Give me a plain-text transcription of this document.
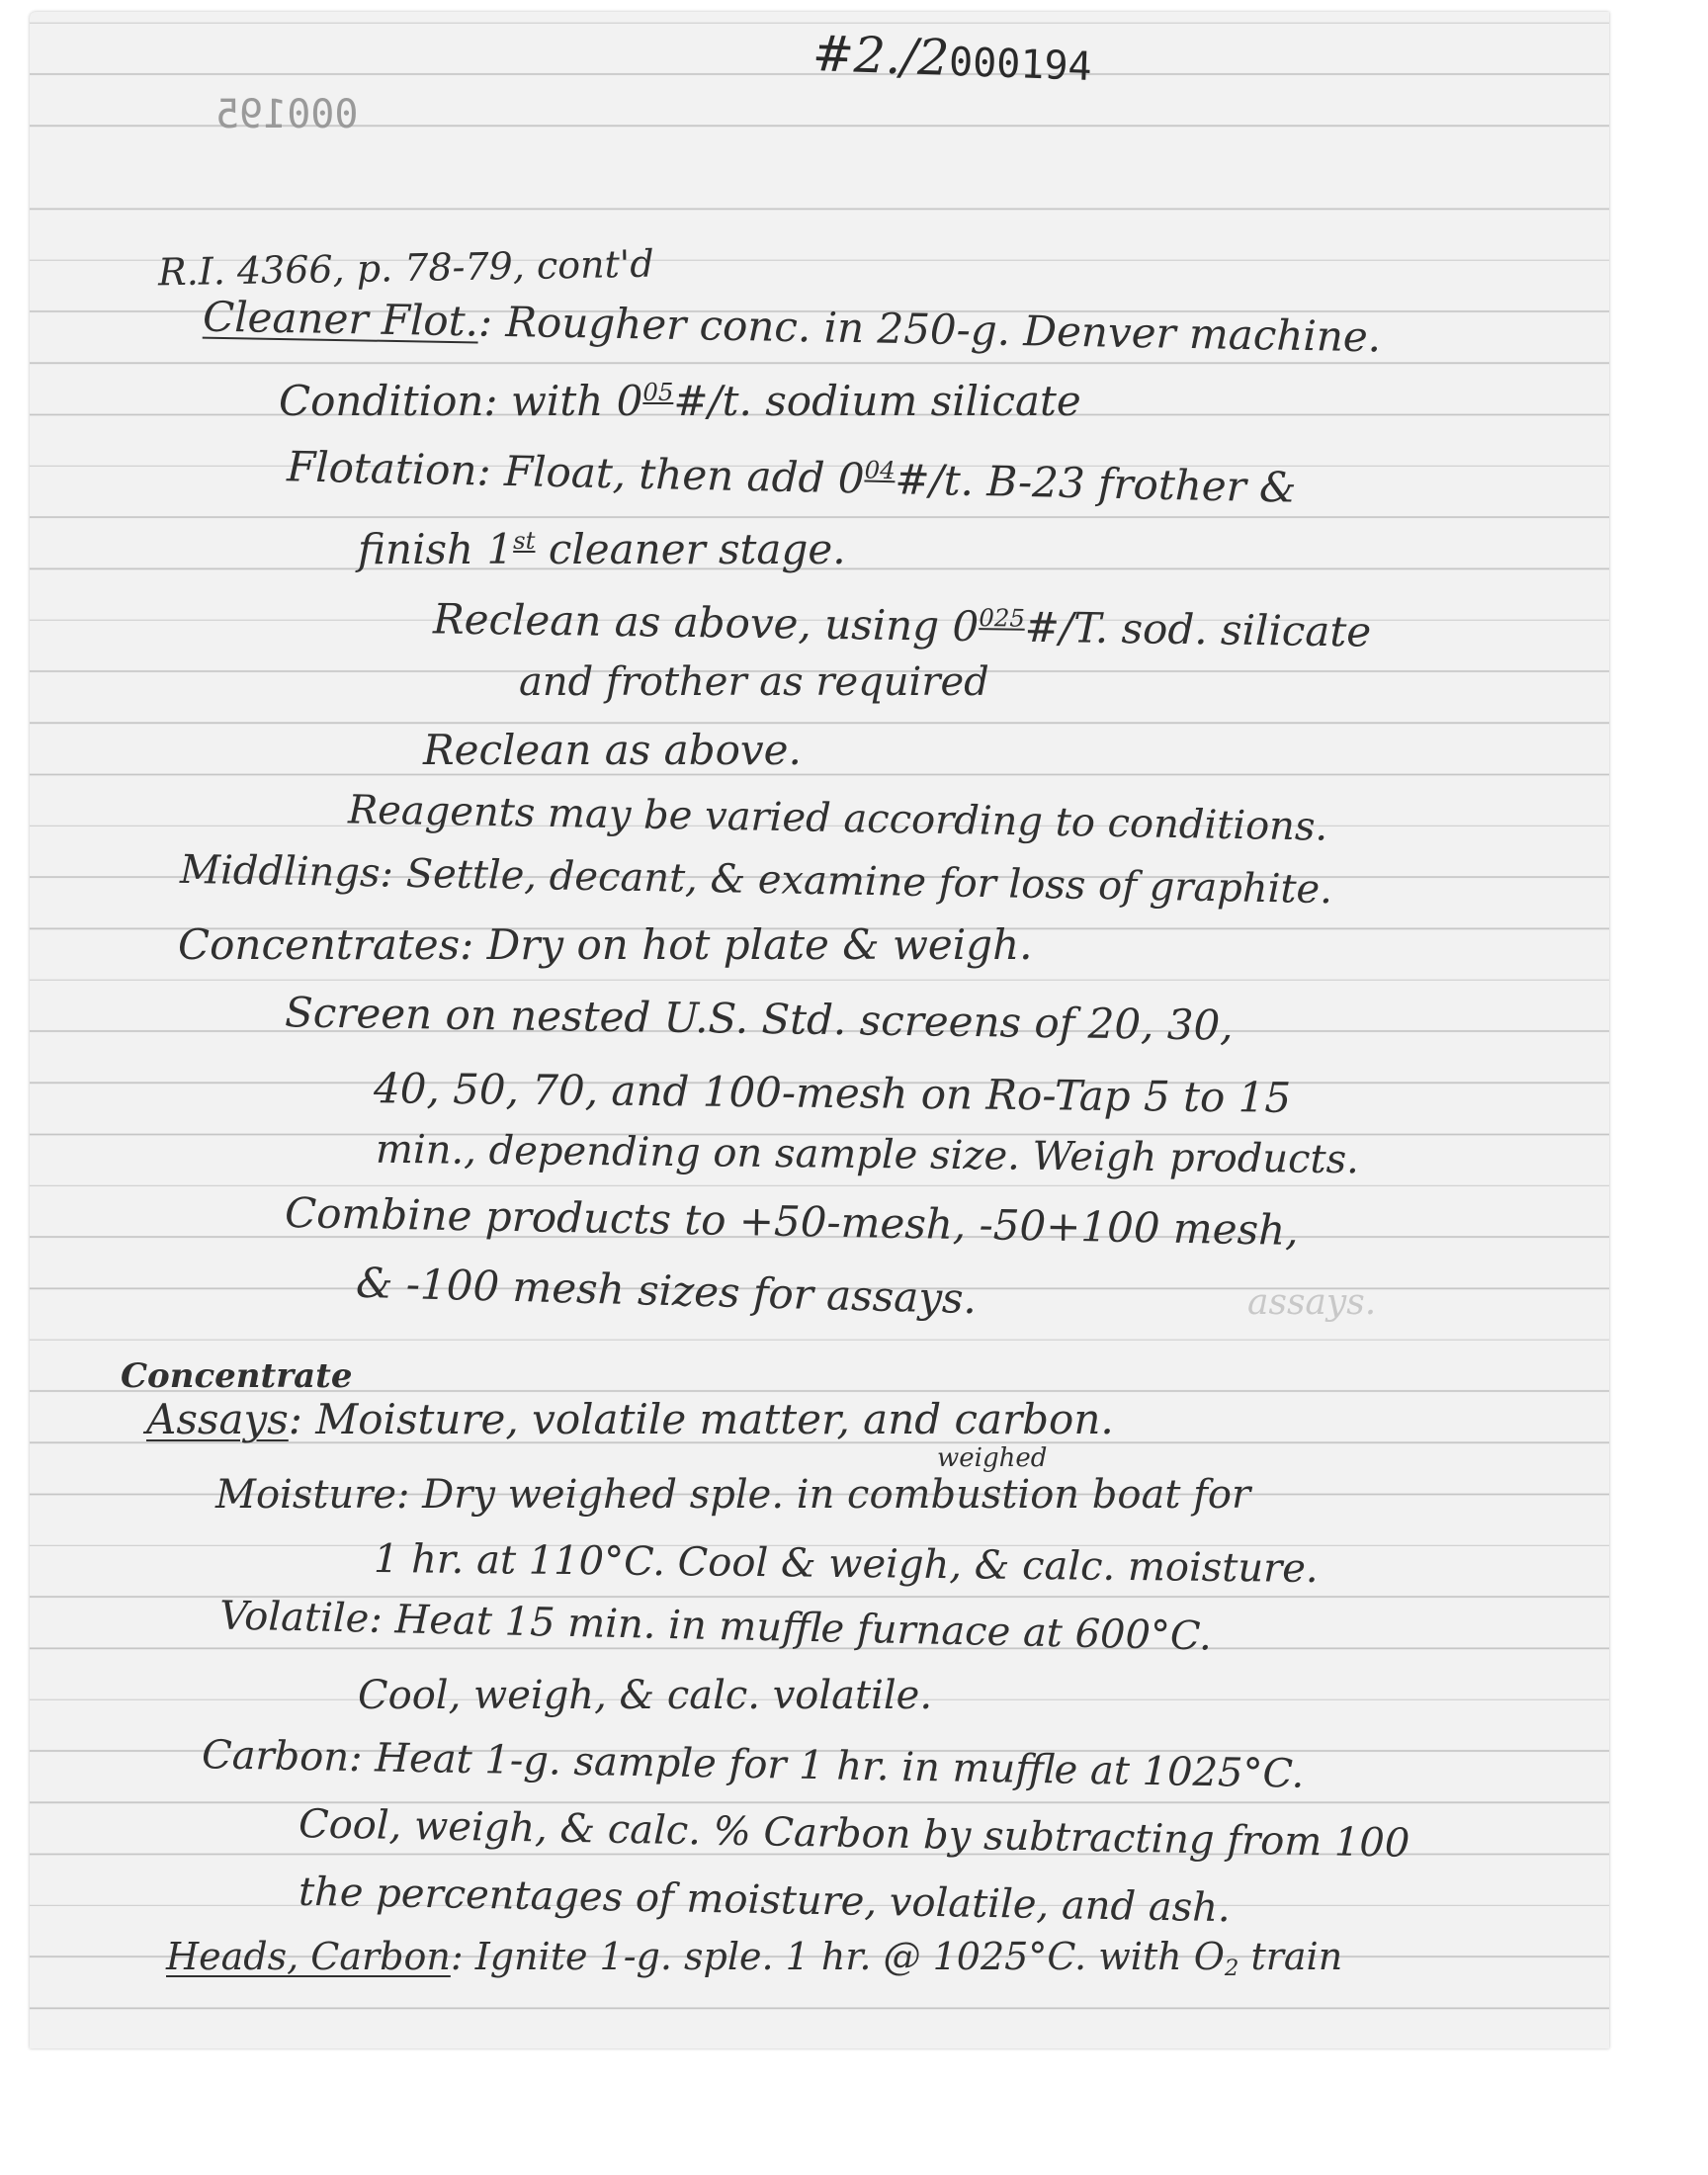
#2./2000194
000195
R.I. 4366, p. 78-79, cont'd
Cleaner Flot.: Rougher conc. in 250-g. Denver machine.
Condition: with $0^{05}\#/t$. sodium silicate
Flotation: Float, then add $0^{04}\#/t$. B-23 frother &
finish 1st cleaner stage.
Reclean as above, using $0^{025}\#/T$. sod. silicate
and frother as required
Reclean as above.
Reagents may be varied according to conditions.
Middlings: Settle, decant, & examine for loss of graphite.
Concentrates: Dry on hot plate & weigh.
Screen on nested U.S. Std. screens of 20, 30,
40, 50, 70, and 100-mesh on Ro-Tap 5 to 15
min., depending on sample size. Weigh products.
Combine products to +50-mesh, -50+100 mesh,
& -100 mesh sizes for assays.	assays.
Concentrate
Assays: Moisture, volatile matter, and carbon.
weighed
Moisture: Dry weighed sple. in combustion boat for
1 hr. at 110°C. Cool & weigh, & calc. moisture.
Volatile: Heat 15 min. in muffle furnace at 600°C.
Cool, weigh, & calc. volatile.
Carbon: Heat 1-g. sample for 1 hr. in muffle at 1025°C.
Cool, weigh, & calc. % Carbon by subtracting from 100
the percentages of moisture, volatile, and ash.
Heads, Carbon: Ignite 1-g. sple. 1 hr. @ 1025°C. with O2 train
